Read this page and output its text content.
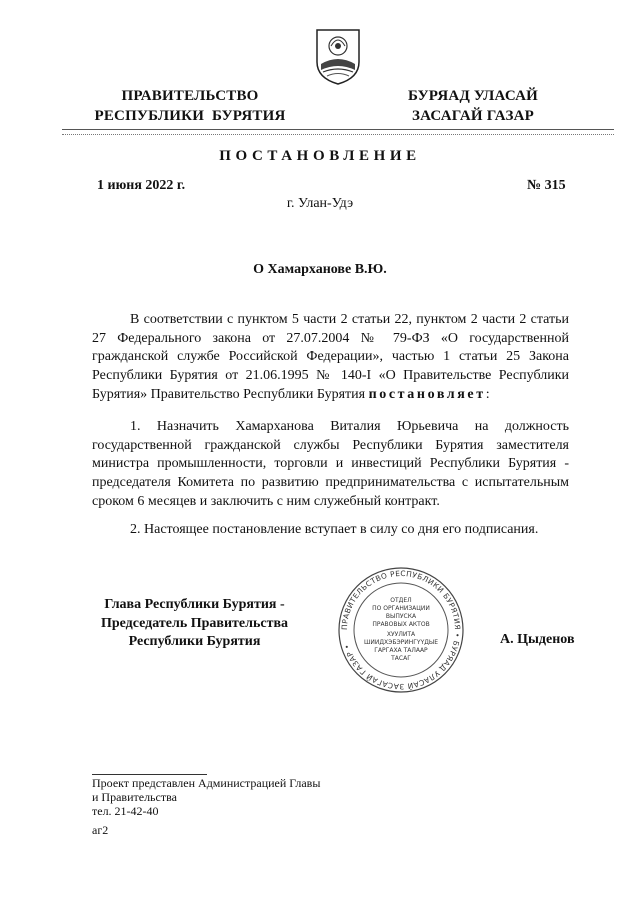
ПРАВИТЕЛЬСТВО
РЕСПУБЛИКИ  БУРЯТИЯ
БУРЯАД УЛАСАЙ
ЗАСАГАЙ ГАЗАР
ПОСТАНОВЛЕНИЕ
1 июня 2022 г.	№ 315
г. Улан-Удэ
О Хамарханове В.Ю.
В соответствии с пунктом 5 части 2 статьи 22, пунктом 2 части 2 статьи 27 Федерального закона от 27.07.2004 № 79-ФЗ «О государственной гражданской службе Российской Федерации», частью 1 статьи 25 Закона Республики Бурятия от 21.06.1995 № 140-I «О Правительстве Республики Бурятия» Правительство Республики Бурятия постановляет:
1. Назначить Хамарханова Виталия Юрьевича на должность государственной гражданской службы Республики Бурятия заместителя министра промышленности, торговли и инвестиций Республики Бурятия - председателя Комитета по развитию предпринимательства с испытательным сроком 6 месяцев и заключить с ним служебный контракт.
2. Настоящее постановление вступает в силу со дня его подписания.
ПРАВИТЕЛЬСТВО РЕСПУБЛИКИ БУРЯТИЯ • БУРЯАД УЛАСАЙ ЗАСАГАЙ ГАЗАР •
ОТДЕЛ
ПО ОРГАНИЗАЦИИ
ВЫПУСКА
ПРАВОВЫХ АКТОВ
ХУУЛИТА
ШИИДХЭБЭРИНГҮҮДЫЕ
ГАРГАХА ТАЛААР
ТАСАГ
Глава Республики Бурятия -
Председатель Правительства
Республики Бурятия	А. Цыденов
Проект представлен Администрацией Главы
и Правительства
тел. 21-42-40
аг2
